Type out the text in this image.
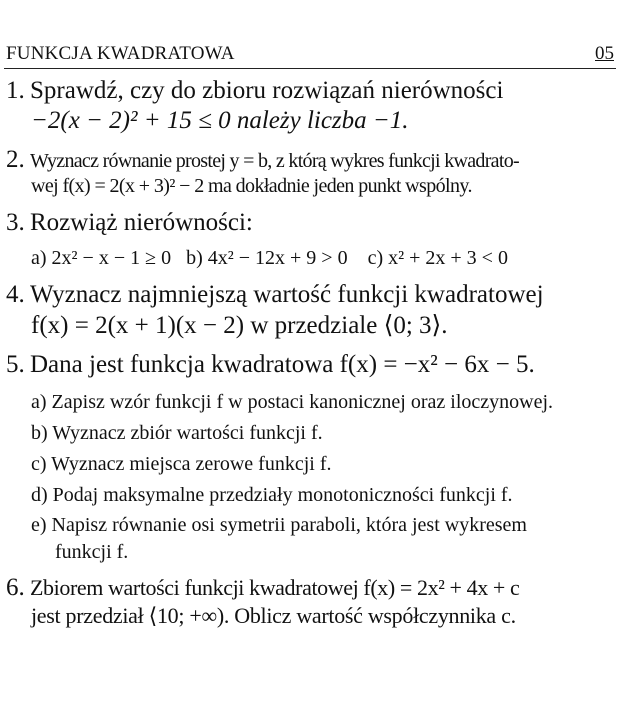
FUNKCJA KWADRATOWA	05
1. Sprawdź, czy do zbioru rozwiązań nierówności
−2(x − 2)² + 15 ≤ 0 należy liczba −1.
2. Wyznacz równanie prostej y = b, z którą wykres funkcji kwadrato-
wej f(x) = 2(x + 3)² − 2 ma dokładnie jeden punkt wspólny.
3. Rozwiąż nierówności:
a) 2x² − x − 1 ≥ 0 b) 4x² − 12x + 9 > 0 c) x² + 2x + 3 < 0
4. Wyznacz najmniejszą wartość funkcji kwadratowej
f(x) = 2(x + 1)(x − 2) w przedziale ⟨0; 3⟩.
5. Dana jest funkcja kwadratowa f(x) = −x² − 6x − 5.
a) Zapisz wzór funkcji f w postaci kanonicznej oraz iloczynowej.
b) Wyznacz zbiór wartości funkcji f.
c) Wyznacz miejsca zerowe funkcji f.
d) Podaj maksymalne przedziały monotoniczności funkcji f.
e) Napisz równanie osi symetrii paraboli, która jest wykresem
funkcji f.
6. Zbiorem wartości funkcji kwadratowej f(x) = 2x² + 4x + c
jest przedział ⟨10; +∞). Oblicz wartość współczynnika c.
